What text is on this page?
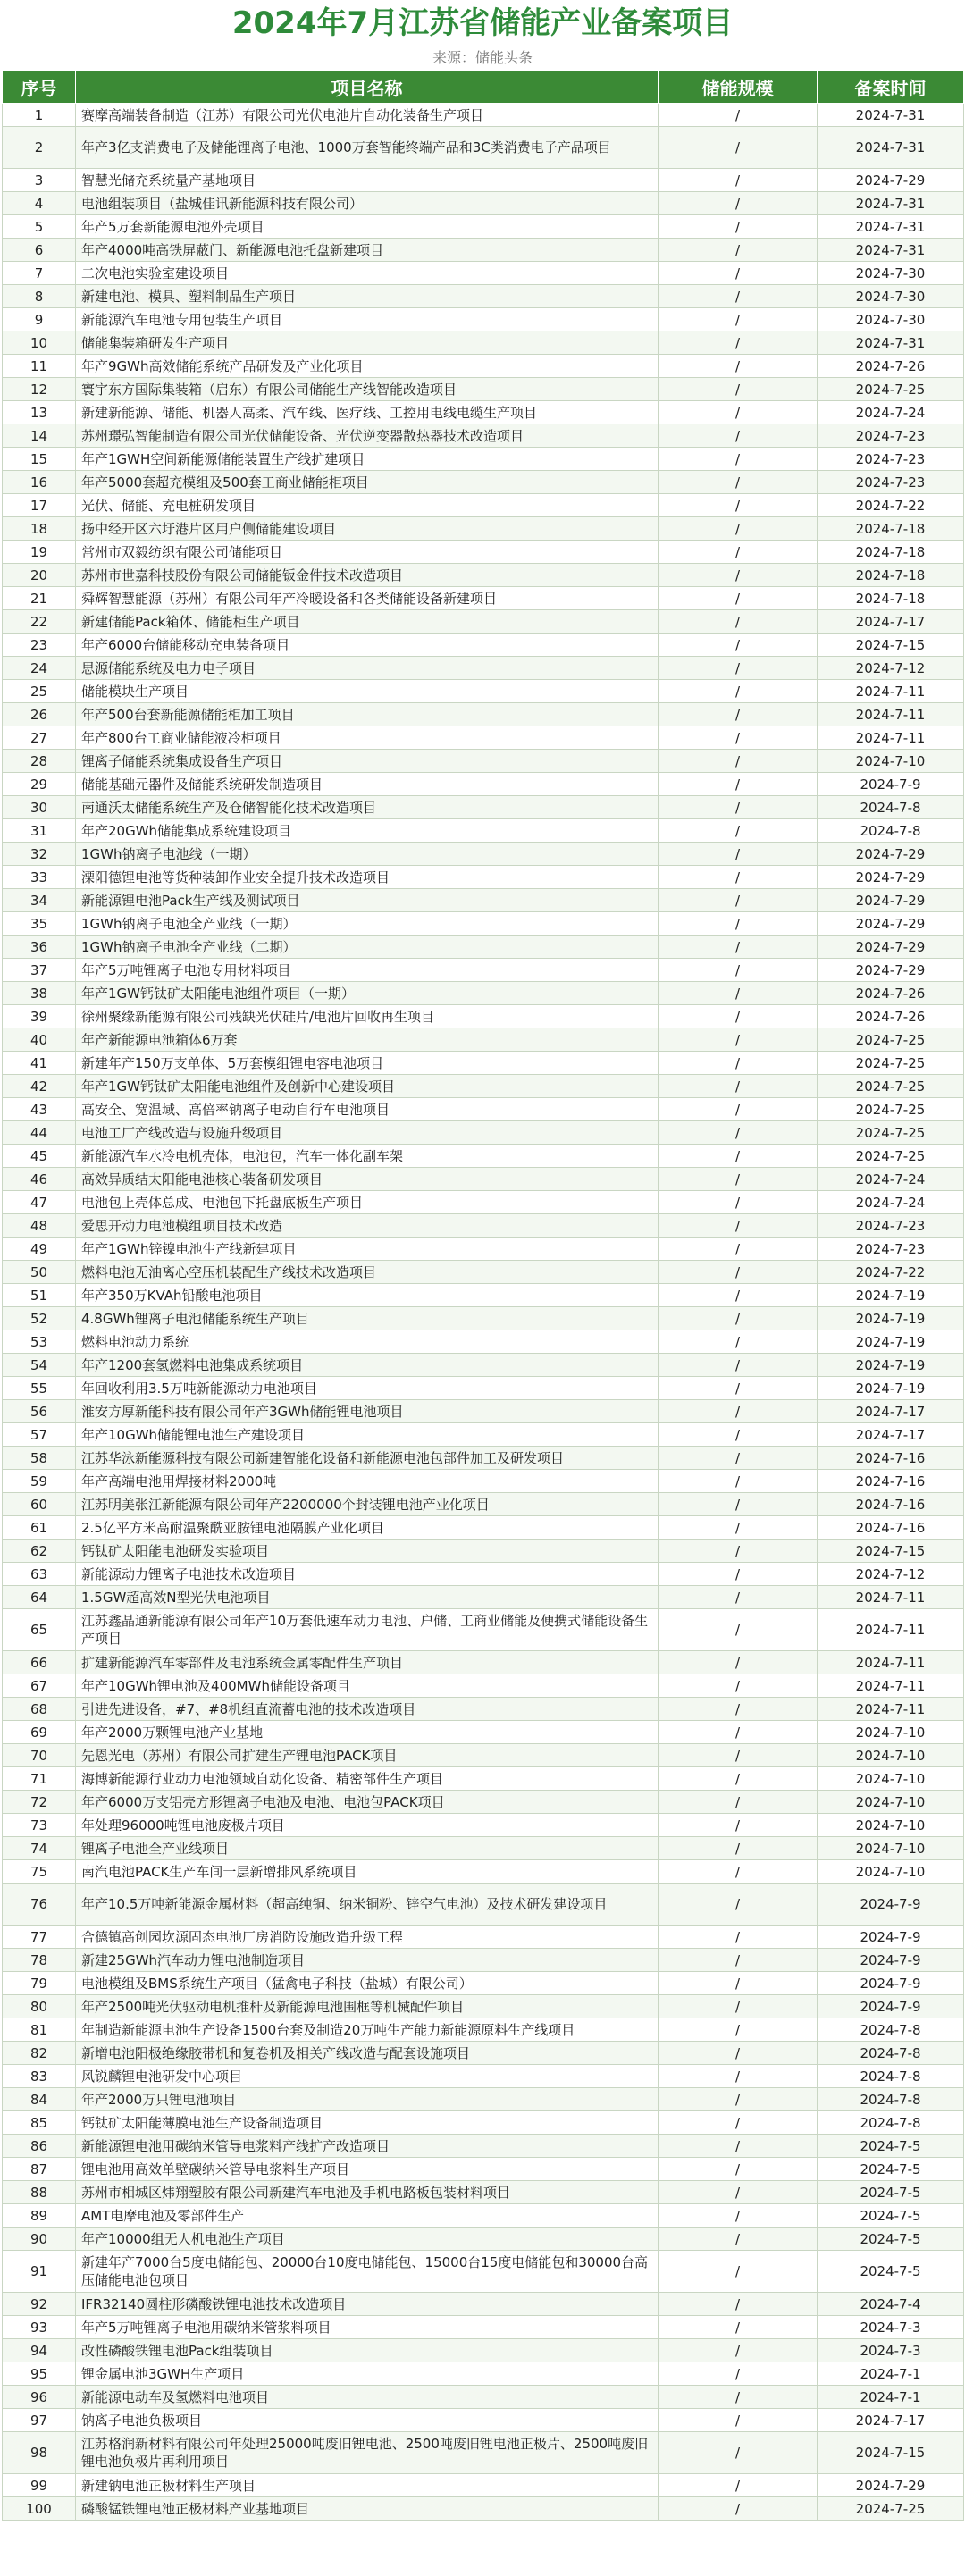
2024年7月江苏省储能产业备案项目
来源：储能头条
序号	项目名称	储能规模	备案时间
1	赛摩高端装备制造（江苏）有限公司光伏电池片自动化装备生产项目	/	2024-7-31
2	年产3亿支消费电子及储能锂离子电池、1000万套智能终端产品和3C类消费电子产品项目	/	2024-7-31
3	智慧光储充系统量产基地项目	/	2024-7-29
4	电池组装项目（盐城佳讯新能源科技有限公司）	/	2024-7-31
5	年产5万套新能源电池外壳项目	/	2024-7-31
6	年产4000吨高铁屏蔽门、新能源电池托盘新建项目	/	2024-7-31
7	二次电池实验室建设项目	/	2024-7-30
8	新建电池、模具、塑料制品生产项目	/	2024-7-30
9	新能源汽车电池专用包装生产项目	/	2024-7-30
10	储能集装箱研发生产项目	/	2024-7-31
11	年产9GWh高效储能系统产品研发及产业化项目	/	2024-7-26
12	寰宇东方国际集装箱（启东）有限公司储能生产线智能改造项目	/	2024-7-25
13	新建新能源、储能、机器人高柔、汽车线、医疗线、工控用电线电缆生产项目	/	2024-7-24
14	苏州璟弘智能制造有限公司光伏储能设备、光伏逆变器散热器技术改造项目	/	2024-7-23
15	年产1GWH空间新能源储能装置生产线扩建项目	/	2024-7-23
16	年产5000套超充模组及500套工商业储能柜项目	/	2024-7-23
17	光伏、储能、充电桩研发项目	/	2024-7-22
18	扬中经开区六圩港片区用户侧储能建设项目	/	2024-7-18
19	常州市双毅纺织有限公司储能项目	/	2024-7-18
20	苏州市世嘉科技股份有限公司储能钣金件技术改造项目	/	2024-7-18
21	舜辉智慧能源（苏州）有限公司年产冷暖设备和各类储能设备新建项目	/	2024-7-18
22	新建储能Pack箱体、储能柜生产项目	/	2024-7-17
23	年产6000台储能移动充电装备项目	/	2024-7-15
24	思源储能系统及电力电子项目	/	2024-7-12
25	储能模块生产项目	/	2024-7-11
26	年产500台套新能源储能柜加工项目	/	2024-7-11
27	年产800台工商业储能液冷柜项目	/	2024-7-11
28	锂离子储能系统集成设备生产项目	/	2024-7-10
29	储能基础元器件及储能系统研发制造项目	/	2024-7-9
30	南通沃太储能系统生产及仓储智能化技术改造项目	/	2024-7-8
31	年产20GWh储能集成系统建设项目	/	2024-7-8
32	1GWh钠离子电池线（一期）	/	2024-7-29
33	溧阳德锂电池等货种装卸作业安全提升技术改造项目	/	2024-7-29
34	新能源锂电池Pack生产线及测试项目	/	2024-7-29
35	1GWh钠离子电池全产业线（一期）	/	2024-7-29
36	1GWh钠离子电池全产业线（二期）	/	2024-7-29
37	年产5万吨锂离子电池专用材料项目	/	2024-7-29
38	年产1GW钙钛矿太阳能电池组件项目（一期）	/	2024-7-26
39	徐州聚缘新能源有限公司残缺光伏硅片/电池片回收再生项目	/	2024-7-26
40	年产新能源电池箱体6万套	/	2024-7-25
41	新建年产150万支单体、5万套模组锂电容电池项目	/	2024-7-25
42	年产1GW钙钛矿太阳能电池组件及创新中心建设项目	/	2024-7-25
43	高安全、宽温域、高倍率钠离子电动自行车电池项目	/	2024-7-25
44	电池工厂产线改造与设施升级项目	/	2024-7-25
45	新能源汽车水冷电机壳体，电池包，汽车一体化副车架	/	2024-7-25
46	高效异质结太阳能电池核心装备研发项目	/	2024-7-24
47	电池包上壳体总成、电池包下托盘底板生产项目	/	2024-7-24
48	爱思开动力电池模组项目技术改造	/	2024-7-23
49	年产1GWh锌镍电池生产线新建项目	/	2024-7-23
50	燃料电池无油离心空压机装配生产线技术改造项目	/	2024-7-22
51	年产350万KVAh铅酸电池项目	/	2024-7-19
52	4.8GWh锂离子电池储能系统生产项目	/	2024-7-19
53	燃料电池动力系统	/	2024-7-19
54	年产1200套氢燃料电池集成系统项目	/	2024-7-19
55	年回收利用3.5万吨新能源动力电池项目	/	2024-7-19
56	淮安方厚新能科技有限公司年产3GWh储能锂电池项目	/	2024-7-17
57	年产10GWh储能锂电池生产建设项目	/	2024-7-17
58	江苏华泳新能源科技有限公司新建智能化设备和新能源电池包部件加工及研发项目	/	2024-7-16
59	年产高端电池用焊接材料2000吨	/	2024-7-16
60	江苏明美张江新能源有限公司年产2200000个封装锂电池产业化项目	/	2024-7-16
61	2.5亿平方米高耐温聚酰亚胺锂电池隔膜产业化项目	/	2024-7-16
62	钙钛矿太阳能电池研发实验项目	/	2024-7-15
63	新能源动力锂离子电池技术改造项目	/	2024-7-12
64	1.5GW超高效N型光伏电池项目	/	2024-7-11
65	江苏鑫晶通新能源有限公司年产10万套低速车动力电池、户储、工商业储能及便携式储能设备生产项目	/	2024-7-11
66	扩建新能源汽车零部件及电池系统金属零配件生产项目	/	2024-7-11
67	年产10GWh锂电池及400MWh储能设备项目	/	2024-7-11
68	引进先进设备，#7、#8机组直流蓄电池的技术改造项目	/	2024-7-11
69	年产2000万颗锂电池产业基地	/	2024-7-10
70	先恩光电（苏州）有限公司扩建生产锂电池PACK项目	/	2024-7-10
71	海博新能源行业动力电池领域自动化设备、精密部件生产项目	/	2024-7-10
72	年产6000万支铝壳方形锂离子电池及电池、电池包PACK项目	/	2024-7-10
73	年处理96000吨锂电池废极片项目	/	2024-7-10
74	锂离子电池全产业线项目	/	2024-7-10
75	南汽电池PACK生产车间一层新增排风系统项目	/	2024-7-10
76	年产10.5万吨新能源金属材料（超高纯铜、纳米铜粉、锌空气电池）及技术研发建设项目	/	2024-7-9
77	合德镇高创园坎源固态电池厂房消防设施改造升级工程	/	2024-7-9
78	新建25GWh汽车动力锂电池制造项目	/	2024-7-9
79	电池模组及BMS系统生产项目（猛禽电子科技（盐城）有限公司）	/	2024-7-9
80	年产2500吨光伏驱动电机推杆及新能源电池围框等机械配件项目	/	2024-7-9
81	年制造新能源电池生产设备1500台套及制造20万吨生产能力新能源原料生产线项目	/	2024-7-8
82	新增电池阳极绝缘胶带机和复卷机及相关产线改造与配套设施项目	/	2024-7-8
83	风锐麟锂电池研发中心项目	/	2024-7-8
84	年产2000万只锂电池项目	/	2024-7-8
85	钙钛矿太阳能薄膜电池生产设备制造项目	/	2024-7-8
86	新能源锂电池用碳纳米管导电浆料产线扩产改造项目	/	2024-7-5
87	锂电池用高效单壁碳纳米管导电浆料生产项目	/	2024-7-5
88	苏州市相城区炜翔塑胶有限公司新建汽车电池及手机电路板包装材料项目	/	2024-7-5
89	AMT电摩电池及零部件生产	/	2024-7-5
90	年产10000组无人机电池生产项目	/	2024-7-5
91	新建年产7000台5度电储能包、20000台10度电储能包、15000台15度电储能包和30000台高压储能电池包项目	/	2024-7-5
92	IFR32140圆柱形磷酸铁锂电池技术改造项目	/	2024-7-4
93	年产5万吨锂离子电池用碳纳米管浆料项目	/	2024-7-3
94	改性磷酸铁锂电池Pack组装项目	/	2024-7-3
95	锂金属电池3GWH生产项目	/	2024-7-1
96	新能源电动车及氢燃料电池项目	/	2024-7-1
97	钠离子电池负极项目	/	2024-7-17
98	江苏格润新材料有限公司年处理25000吨废旧锂电池、2500吨废旧锂电池正极片、2500吨废旧锂电池负极片再利用项目	/	2024-7-15
99	新建钠电池正极材料生产项目	/	2024-7-29
100	磷酸锰铁锂电池正极材料产业基地项目	/	2024-7-25
